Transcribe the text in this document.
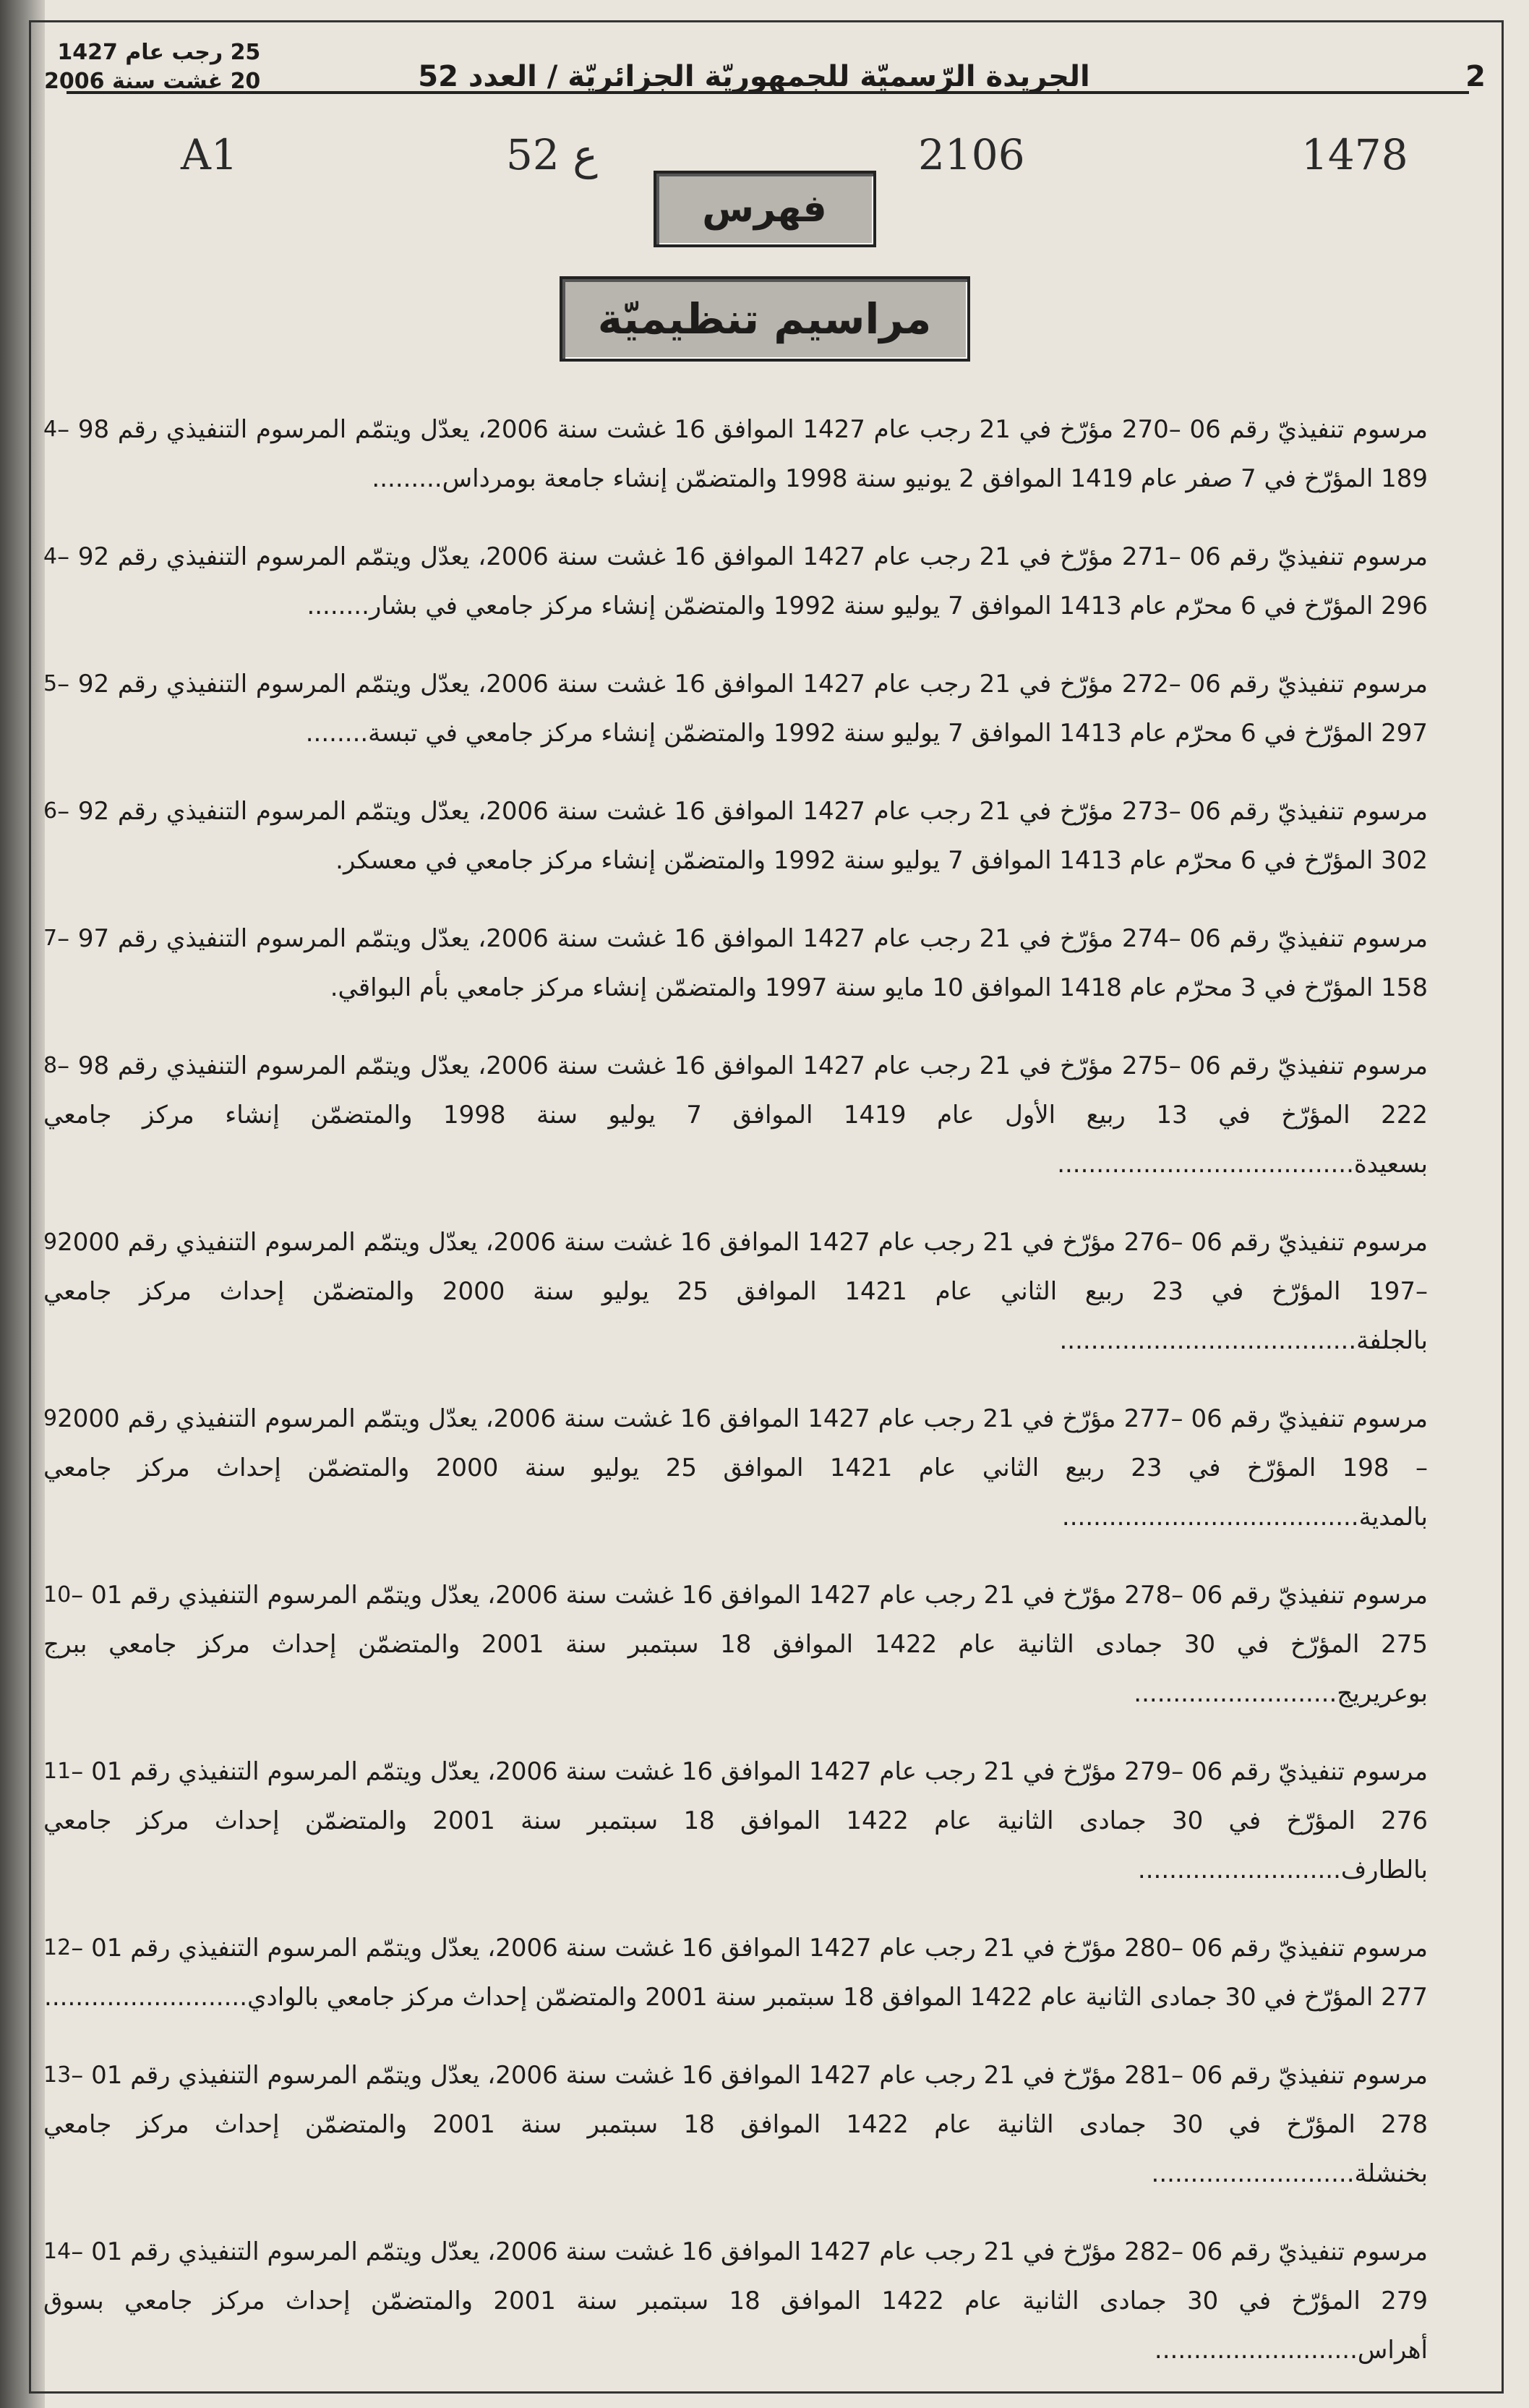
25 رجب عام 1427
20 غشت سنة 2006	الجريدة الرّسميّة للجمهوريّة الجزائريّة / العدد 52	2
A1	52 ع	2106	1478
فهرس
مراسيم تنظيميّة
4 مرسوم تنفيذيّ رقم 06 –270 مؤرّخ في 21 رجب عام 1427 الموافق 16 غشت سنة 2006، يعدّل ويتمّم المرسوم التنفيذي رقم 98 –189 المؤرّخ في 7 صفر عام 1419 الموافق 2 يونيو سنة 1998 والمتضمّن إنشاء جامعة بومرداس.........
4 مرسوم تنفيذيّ رقم 06 –271 مؤرّخ في 21 رجب عام 1427 الموافق 16 غشت سنة 2006، يعدّل ويتمّم المرسوم التنفيذي رقم 92 –296 المؤرّخ في 6 محرّم عام 1413 الموافق 7 يوليو سنة 1992 والمتضمّن إنشاء مركز جامعي في بشار........
5 مرسوم تنفيذيّ رقم 06 –272 مؤرّخ في 21 رجب عام 1427 الموافق 16 غشت سنة 2006، يعدّل ويتمّم المرسوم التنفيذي رقم 92 –297 المؤرّخ في 6 محرّم عام 1413 الموافق 7 يوليو سنة 1992 والمتضمّن إنشاء مركز جامعي في تبسة........
6 مرسوم تنفيذيّ رقم 06 –273 مؤرّخ في 21 رجب عام 1427 الموافق 16 غشت سنة 2006، يعدّل ويتمّم المرسوم التنفيذي رقم 92 –302 المؤرّخ في 6 محرّم عام 1413 الموافق 7 يوليو سنة 1992 والمتضمّن إنشاء مركز جامعي في معسكر.
7 مرسوم تنفيذيّ رقم 06 –274 مؤرّخ في 21 رجب عام 1427 الموافق 16 غشت سنة 2006، يعدّل ويتمّم المرسوم التنفيذي رقم 97 –158 المؤرّخ في 3 محرّم عام 1418 الموافق 10 مايو سنة 1997 والمتضمّن إنشاء مركز جامعي بأم البواقي.
8 مرسوم تنفيذيّ رقم 06 –275 مؤرّخ في 21 رجب عام 1427 الموافق 16 غشت سنة 2006، يعدّل ويتمّم المرسوم التنفيذي رقم 98 –222 المؤرّخ في 13 ربيع الأول عام 1419 الموافق 7 يوليو سنة 1998 والمتضمّن إنشاء مركز جامعي بسعيدة......................................
9 مرسوم تنفيذيّ رقم 06 –276 مؤرّخ في 21 رجب عام 1427 الموافق 16 غشت سنة 2006، يعدّل ويتمّم المرسوم التنفيذي رقم 2000 –197 المؤرّخ في 23 ربيع الثاني عام 1421 الموافق 25 يوليو سنة 2000 والمتضمّن إحداث مركز جامعي بالجلفة......................................
9 مرسوم تنفيذيّ رقم 06 –277 مؤرّخ في 21 رجب عام 1427 الموافق 16 غشت سنة 2006، يعدّل ويتمّم المرسوم التنفيذي رقم 2000 – 198 المؤرّخ في 23 ربيع الثاني عام 1421 الموافق 25 يوليو سنة 2000 والمتضمّن إحداث مركز جامعي بالمدية......................................
10 مرسوم تنفيذيّ رقم 06 –278 مؤرّخ في 21 رجب عام 1427 الموافق 16 غشت سنة 2006، يعدّل ويتمّم المرسوم التنفيذي رقم 01 –275 المؤرّخ في 30 جمادى الثانية عام 1422 الموافق 18 سبتمبر سنة 2001 والمتضمّن إحداث مركز جامعي ببرج بوعريريج..........................
11 مرسوم تنفيذيّ رقم 06 –279 مؤرّخ في 21 رجب عام 1427 الموافق 16 غشت سنة 2006، يعدّل ويتمّم المرسوم التنفيذي رقم 01 –276 المؤرّخ في 30 جمادى الثانية عام 1422 الموافق 18 سبتمبر سنة 2001 والمتضمّن إحداث مركز جامعي بالطارف..........................
12 مرسوم تنفيذيّ رقم 06 –280 مؤرّخ في 21 رجب عام 1427 الموافق 16 غشت سنة 2006، يعدّل ويتمّم المرسوم التنفيذي رقم 01 –277 المؤرّخ في 30 جمادى الثانية عام 1422 الموافق 18 سبتمبر سنة 2001 والمتضمّن إحداث مركز جامعي بالوادي..........................
13 مرسوم تنفيذيّ رقم 06 –281 مؤرّخ في 21 رجب عام 1427 الموافق 16 غشت سنة 2006، يعدّل ويتمّم المرسوم التنفيذي رقم 01 –278 المؤرّخ في 30 جمادى الثانية عام 1422 الموافق 18 سبتمبر سنة 2001 والمتضمّن إحداث مركز جامعي بخنشلة..........................
14 مرسوم تنفيذيّ رقم 06 –282 مؤرّخ في 21 رجب عام 1427 الموافق 16 غشت سنة 2006، يعدّل ويتمّم المرسوم التنفيذي رقم 01 –279 المؤرّخ في 30 جمادى الثانية عام 1422 الموافق 18 سبتمبر سنة 2001 والمتضمّن إحداث مركز جامعي بسوق أهراس..........................
